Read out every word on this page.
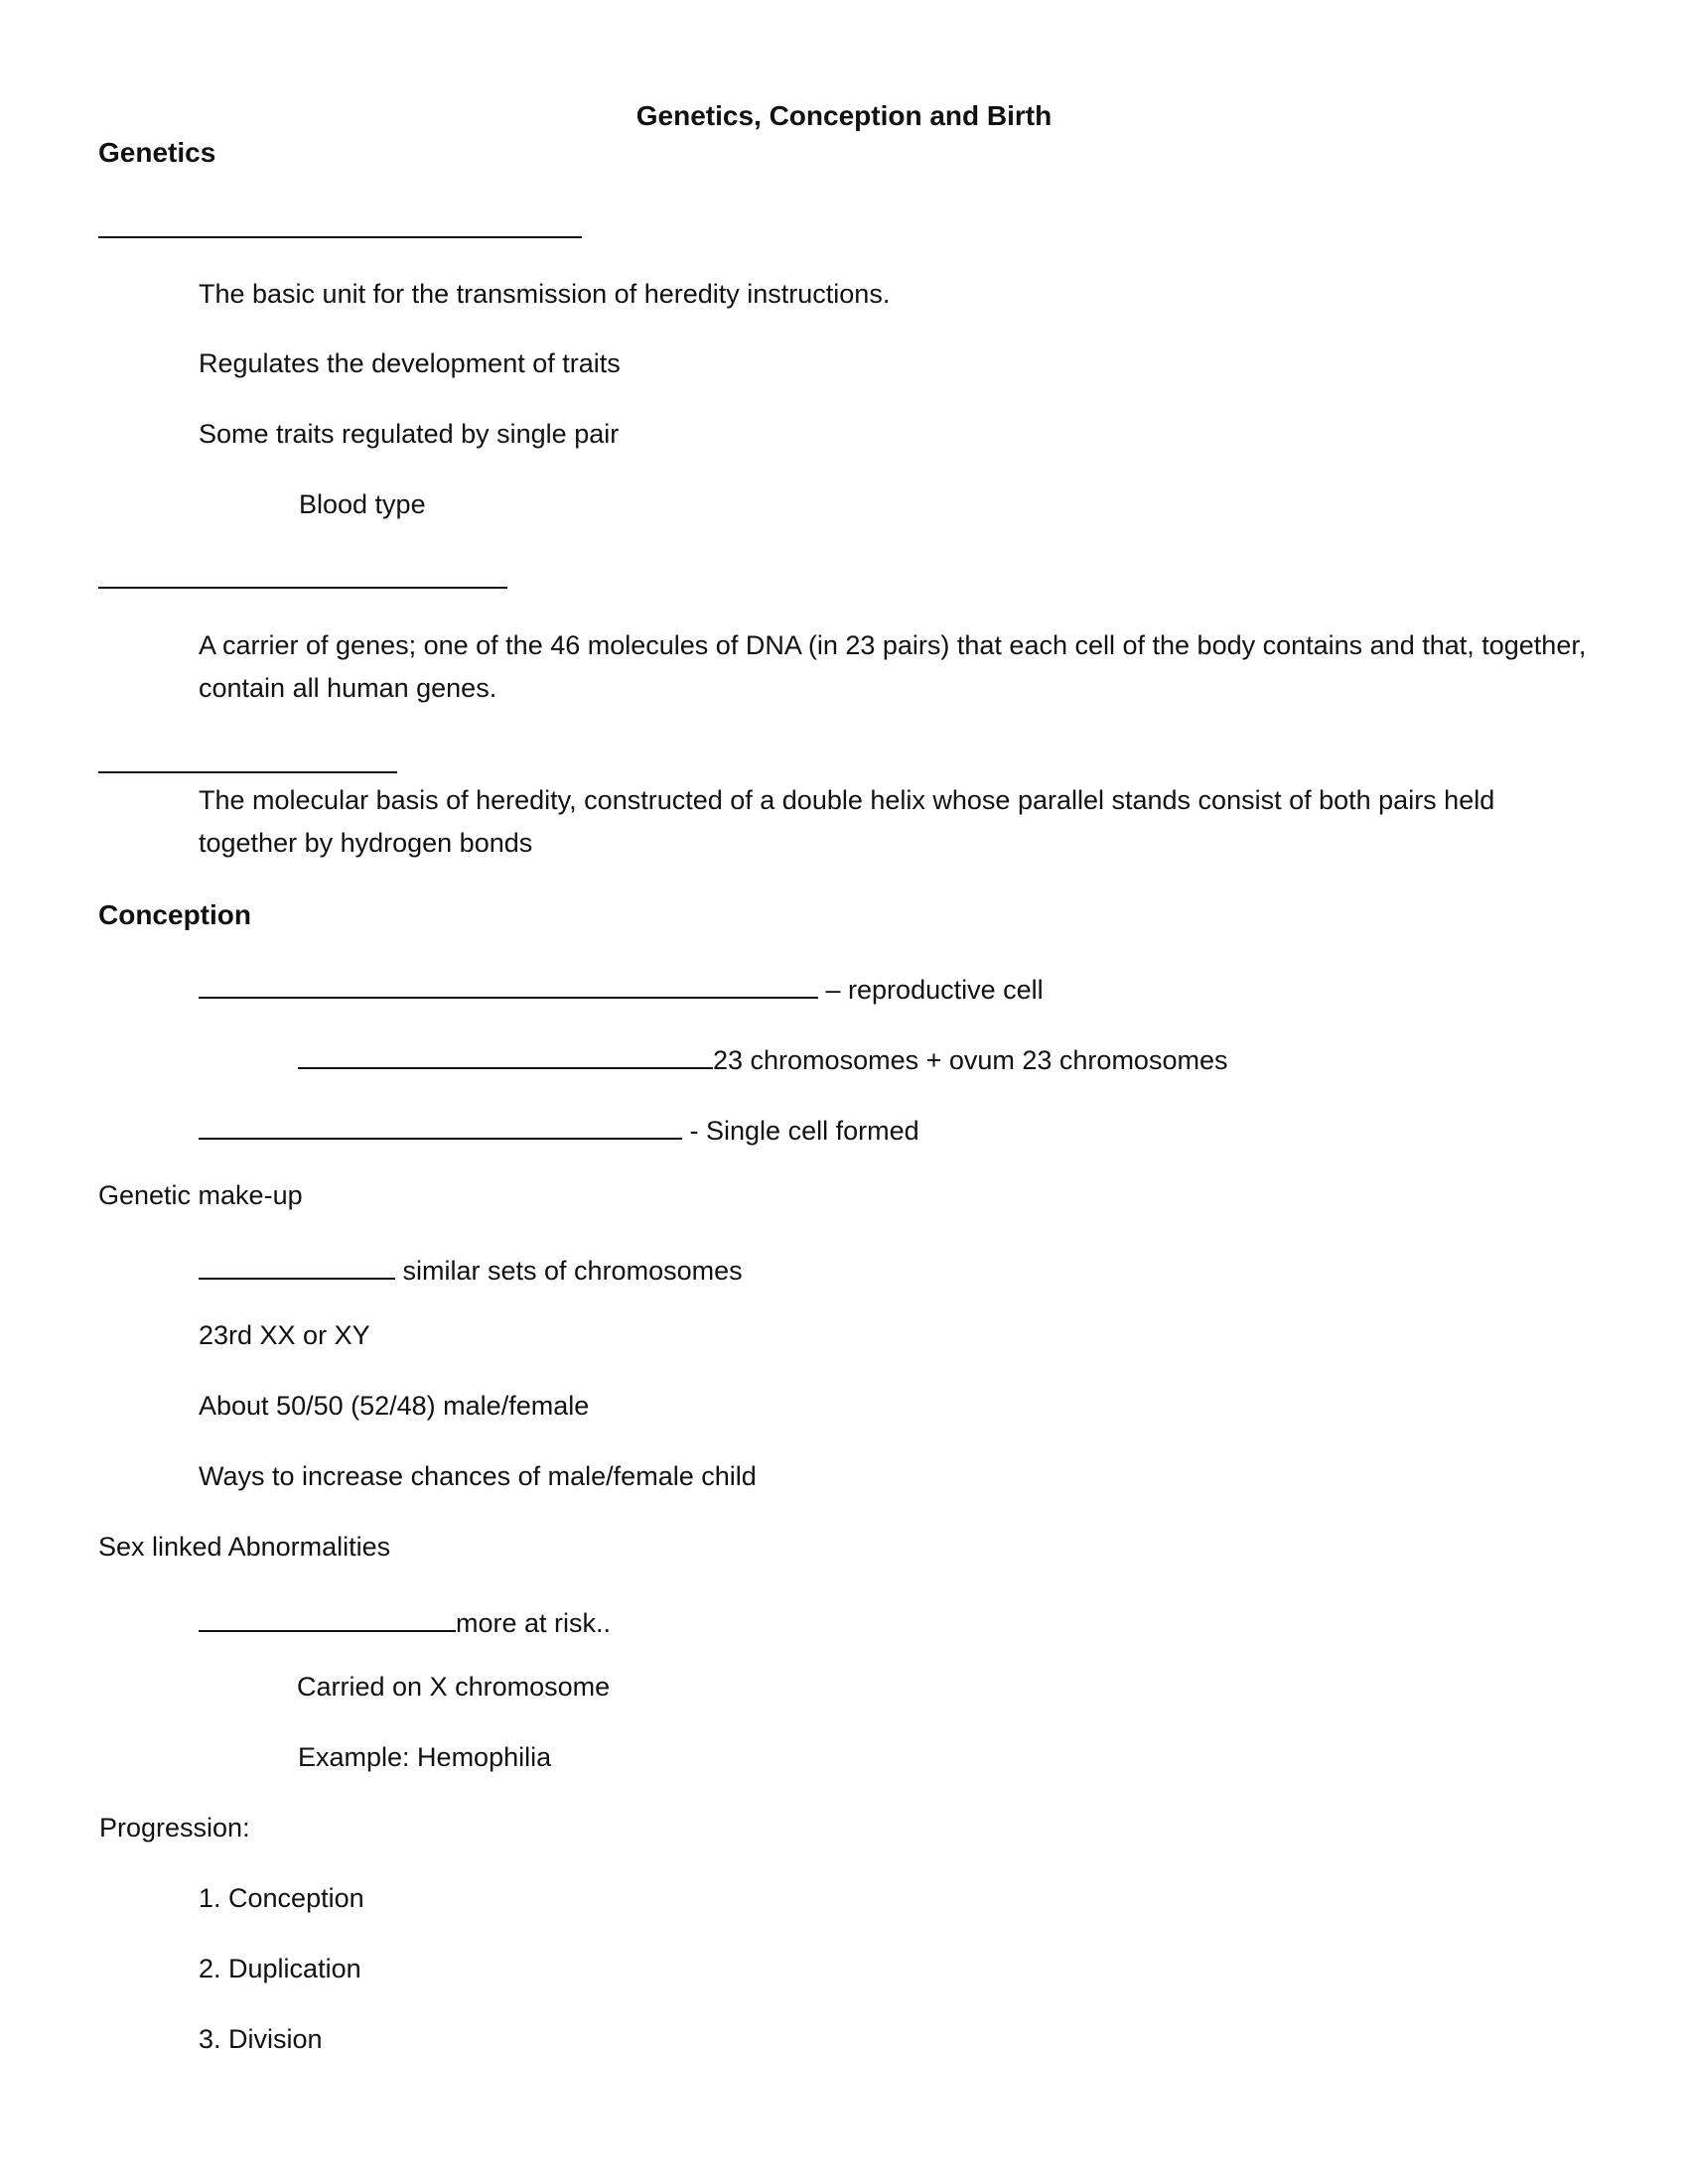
Genetics, Conception and Birth
Genetics
The basic unit for the transmission of heredity instructions.
Regulates the development of traits
Some traits regulated by single pair
Blood type
A carrier of genes; one of the 46 molecules of DNA (in 23 pairs) that each cell of the body contains and that, together, contain all human genes.
The molecular basis of heredity, constructed of a double helix whose parallel stands consist of both pairs held together by hydrogen bonds
Conception
– reproductive cell
23 chromosomes + ovum 23 chromosomes
- Single cell formed
Genetic make-up
similar sets of chromosomes
23rd XX or XY
About 50/50 (52/48) male/female
Ways to increase chances of male/female child
Sex linked Abnormalities
more at risk..
Carried on X chromosome
Example: Hemophilia
Progression:
1. Conception
2. Duplication
3. Division
